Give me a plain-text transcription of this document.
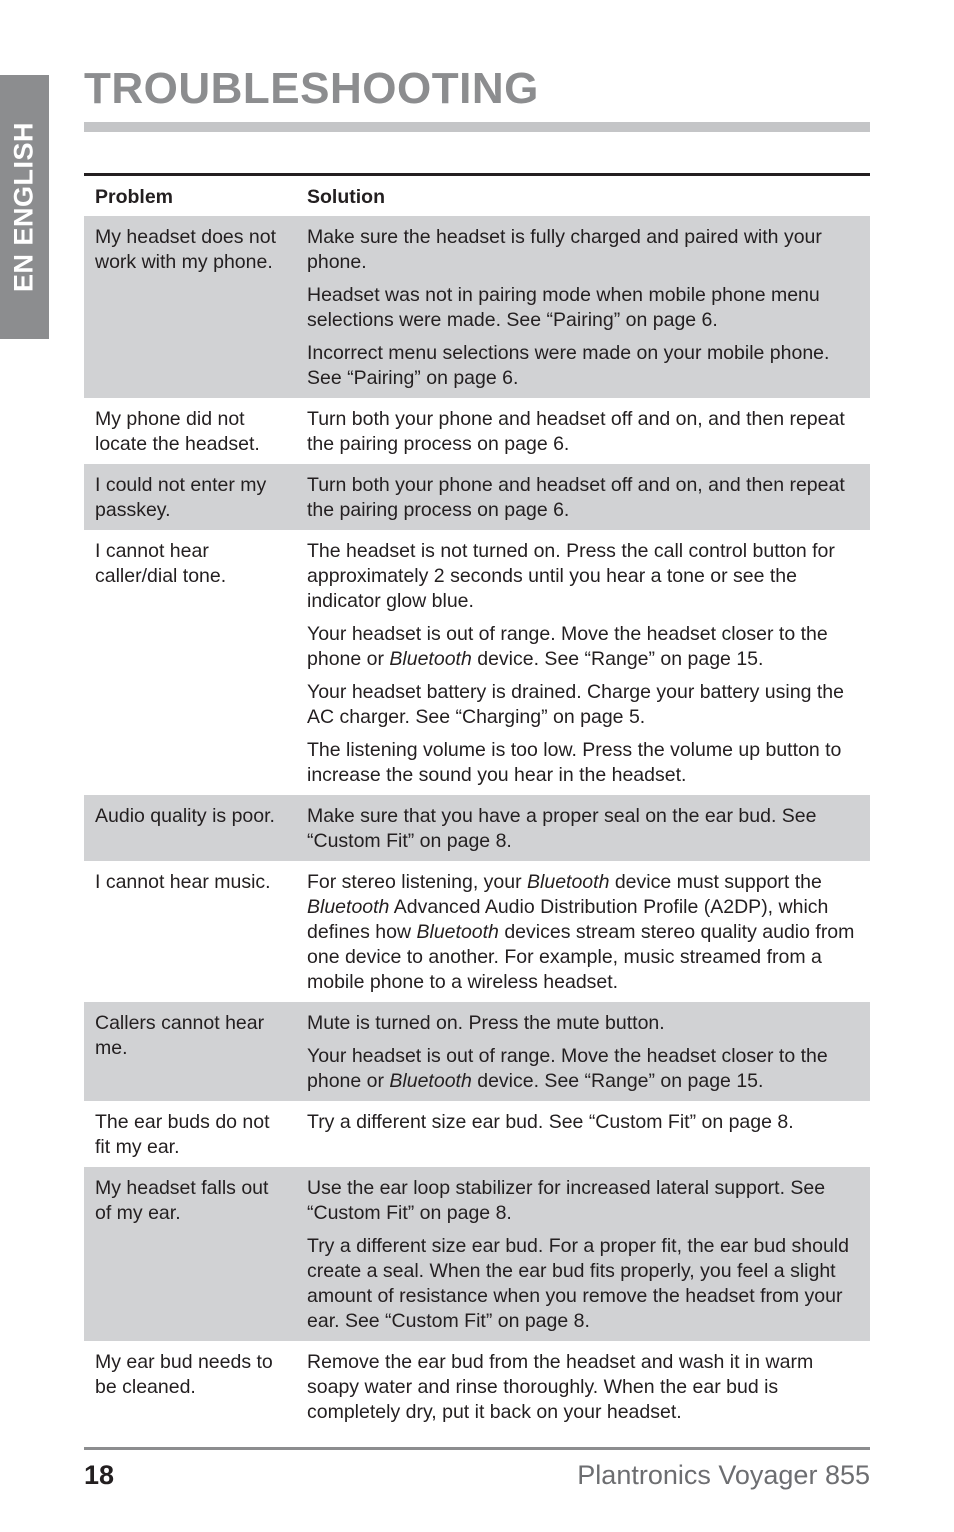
EN ENGLISH
TROUBLESHOOTING
Problem	Solution
My headset does not work with my phone.	Make sure the headset is fully charged and paired with your phone.

Headset was not in pairing mode when mobile phone menu selections were made. See “Pairing” on page 6.

Incorrect menu selections were made on your mobile phone. See “Pairing” on page 6.

My phone did not locate the headset.	Turn both your phone and headset off and on, and then repeat the pairing process on page 6.

I could not enter my passkey.	Turn both your phone and headset off and on, and then repeat the pairing process on page 6.

I cannot hear caller/dial tone.	The headset is not turned on. Press the call control button for approximately 2 seconds until you hear a tone or see the indicator glow blue.

Your headset is out of range. Move the headset closer to the phone or Bluetooth device. See “Range” on page 15.

Your headset battery is drained. Charge your battery using the AC charger. See “Charging” on page 5.

The listening volume is too low. Press the volume up button to increase the sound you hear in the headset.

Audio quality is poor.	Make sure that you have a proper seal on the ear bud. See “Custom Fit” on page 8.

I cannot hear music.	For stereo listening, your Bluetooth device must support the Bluetooth Advanced Audio Distribution Profile (A2DP), which defines how Bluetooth devices stream stereo quality audio from one device to another. For example, music streamed from a mobile phone to a wireless headset.

Callers cannot hear me.	Mute is turned on. Press the mute button.

Your headset is out of range. Move the headset closer to the phone or Bluetooth device. See “Range” on page 15.

The ear buds do not fit my ear.	Try a different size ear bud. See “Custom Fit” on page 8.

My headset falls out of my ear.	Use the ear loop stabilizer for increased lateral support. See “Custom Fit” on page 8.

Try a different size ear bud. For a proper fit, the ear bud should create a seal. When the ear bud fits properly, you feel a slight amount of resistance when you remove the headset from your ear. See “Custom Fit” on page 8.

My ear bud needs to be cleaned.	Remove the ear bud from the headset and wash it in warm soapy water and rinse thoroughly. When the ear bud is completely dry, put it back on your headset.

18	Plantronics Voyager 855
